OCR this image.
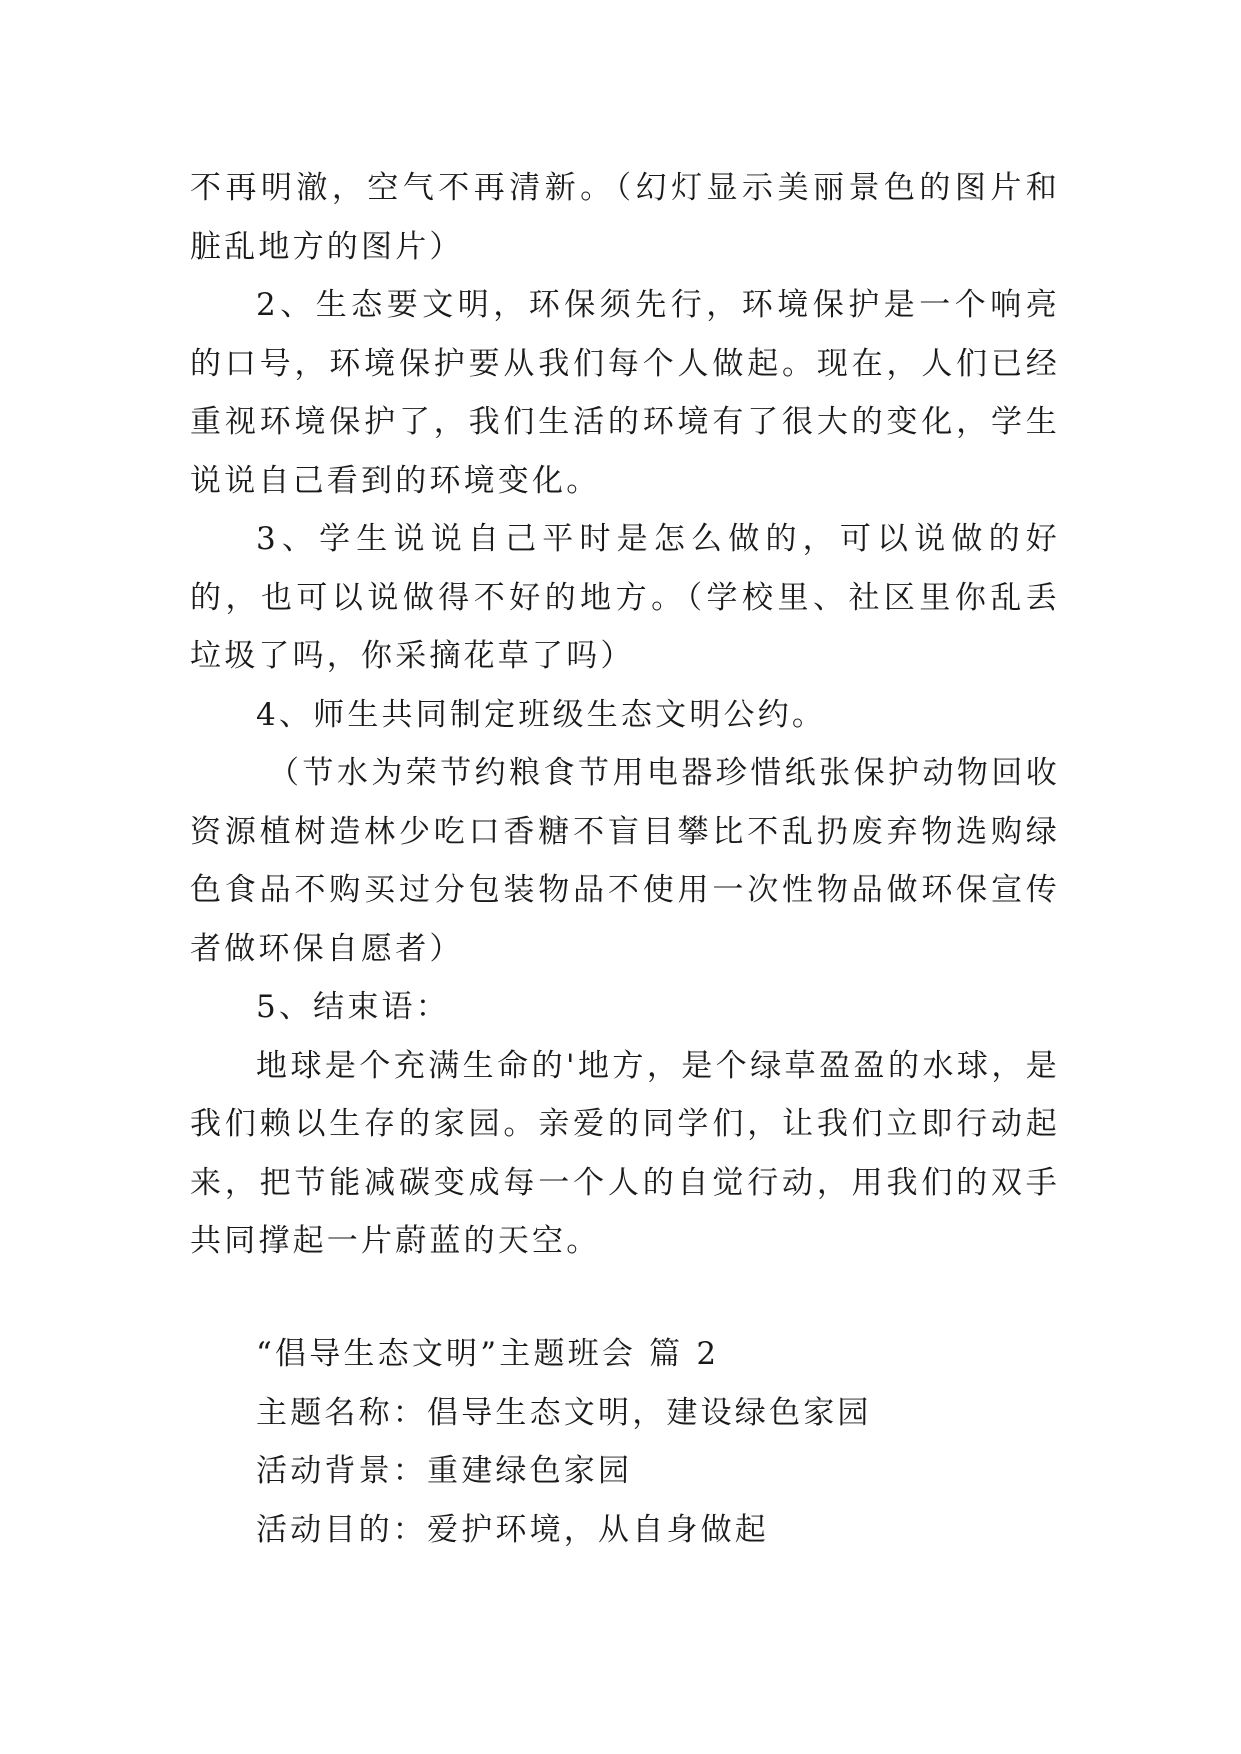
不再明澈，空气不再清新。（幻灯显示美丽景色的图片和脏乱地方的图片）

2、生态要文明，环保须先行，环境保护是一个响亮的口号，环境保护要从我们每个人做起。现在，人们已经重视环境保护了，我们生活的环境有了很大的变化，学生说说自己看到的环境变化。

3、学生说说自己平时是怎么做的，可以说做的好的，也可以说做得不好的地方。（学校里、社区里你乱丢垃圾了吗，你采摘花草了吗）

4、师生共同制定班级生态文明公约。

（节水为荣节约粮食节用电器珍惜纸张保护动物回收资源植树造林少吃口香糖不盲目攀比不乱扔废弃物选购绿色食品不购买过分包装物品不使用一次性物品做环保宣传者做环保自愿者）

5、结束语：

地球是个充满生命的'地方，是个绿草盈盈的水球，是我们赖以生存的家园。亲爱的同学们，让我们立即行动起来，把节能减碳变成每一个人的自觉行动，用我们的双手共同撑起一片蔚蓝的天空。

“倡导生态文明”主题班会 篇 2

主题名称：倡导生态文明，建设绿色家园

活动背景：重建绿色家园

活动目的：爱护环境，从自身做起
